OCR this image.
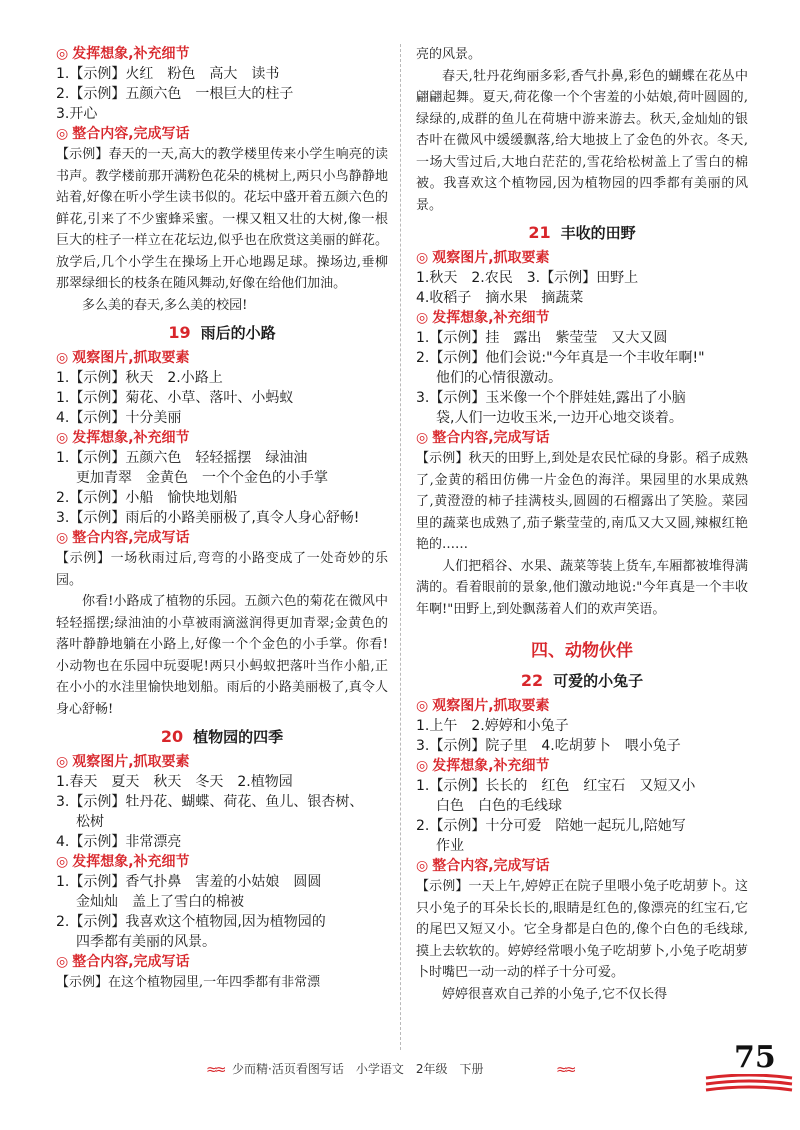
◎ 发挥想象,补充细节
1.【示例】火红　粉色　高大　读书
2.【示例】五颜六色　一根巨大的柱子
3.开心
◎ 整合内容,完成写话
【示例】春天的一天,高大的教学楼里传来小学生响亮的读书声。教学楼前那开满粉色花朵的桃树上,两只小鸟静静地站着,好像在听小学生读书似的。花坛中盛开着五颜六色的鲜花,引来了不少蜜蜂采蜜。一棵又粗又壮的大树,像一根巨大的柱子一样立在花坛边,似乎也在欣赏这美丽的鲜花。放学后,几个小学生在操场上开心地踢足球。操场边,垂柳那翠绿细长的枝条在随风舞动,好像在给他们加油。
多么美的春天,多么美的校园!
19 雨后的小路
◎ 观察图片,抓取要素
1.【示例】秋天　2.小路上
1.【示例】菊花、小草、落叶、小蚂蚁
4.【示例】十分美丽
◎ 发挥想象,补充细节
1.【示例】五颜六色　轻轻摇摆　绿油油
更加青翠　金黄色　一个个金色的小手掌
2.【示例】小船　愉快地划船
3.【示例】雨后的小路美丽极了,真令人身心舒畅!
◎ 整合内容,完成写话
【示例】一场秋雨过后,弯弯的小路变成了一处奇妙的乐园。
你看!小路成了植物的乐园。五颜六色的菊花在微风中轻轻摇摆;绿油油的小草被雨滴滋润得更加青翠;金黄色的落叶静静地躺在小路上,好像一个个金色的小手掌。你看!小动物也在乐园中玩耍呢!两只小蚂蚁把落叶当作小船,正在小小的水洼里愉快地划船。雨后的小路美丽极了,真令人身心舒畅!
20 植物园的四季
◎ 观察图片,抓取要素
1.春天　夏天　秋天　冬天　2.植物园
3.【示例】牡丹花、蝴蝶、荷花、鱼儿、银杏树、
松树
4.【示例】非常漂亮
◎ 发挥想象,补充细节
1.【示例】香气扑鼻　害羞的小姑娘　圆圆
金灿灿　盖上了雪白的棉被
2.【示例】我喜欢这个植物园,因为植物园的
四季都有美丽的风景。
◎ 整合内容,完成写话
【示例】在这个植物园里,一年四季都有非常漂
亮的风景。
春天,牡丹花绚丽多彩,香气扑鼻,彩色的蝴蝶在花丛中翩翩起舞。夏天,荷花像一个个害羞的小姑娘,荷叶圆圆的,绿绿的,成群的鱼儿在荷塘中游来游去。秋天,金灿灿的银杏叶在微风中缓缓飘落,给大地披上了金色的外衣。冬天,一场大雪过后,大地白茫茫的,雪花给松树盖上了雪白的棉被。我喜欢这个植物园,因为植物园的四季都有美丽的风景。
21 丰收的田野
◎ 观察图片,抓取要素
1.秋天　2.农民　3.【示例】田野上
4.收稻子　摘水果　摘蔬菜
◎ 发挥想象,补充细节
1.【示例】挂　露出　紫莹莹　又大又圆
2.【示例】他们会说:"今年真是一个丰收年啊!"
他们的心情很激动。
3.【示例】玉米像一个个胖娃娃,露出了小脑
袋,人们一边收玉米,一边开心地交谈着。
◎ 整合内容,完成写话
【示例】秋天的田野上,到处是农民忙碌的身影。稻子成熟了,金黄的稻田仿佛一片金色的海洋。果园里的水果成熟了,黄澄澄的柿子挂满枝头,圆圆的石榴露出了笑脸。菜园里的蔬菜也成熟了,茄子紫莹莹的,南瓜又大又圆,辣椒红艳艳的……
人们把稻谷、水果、蔬菜等装上货车,车厢都被堆得满满的。看着眼前的景象,他们激动地说:"今年真是一个丰收年啊!"田野上,到处飘荡着人们的欢声笑语。
四、动物伙伴
22 可爱的小兔子
◎ 观察图片,抓取要素
1.上午　2.婷婷和小兔子
3.【示例】院子里　4.吃胡萝卜　喂小兔子
◎ 发挥想象,补充细节
1.【示例】长长的　红色　红宝石　又短又小
白色　白色的毛线球
2.【示例】十分可爱　陪她一起玩儿,陪她写
作业
◎ 整合内容,完成写话
【示例】一天上午,婷婷正在院子里喂小兔子吃胡萝卜。这只小兔子的耳朵长长的,眼睛是红色的,像漂亮的红宝石,它的尾巴又短又小。它全身都是白色的,像个白色的毛线球,摸上去软软的。婷婷经常喂小兔子吃胡萝卜,小兔子吃胡萝卜时嘴巴一动一动的样子十分可爱。
婷婷很喜欢自己养的小兔子,它不仅长得
≈≈ 少而精·活页看图写话　小学语文　2年级　下册	≈≈	75
